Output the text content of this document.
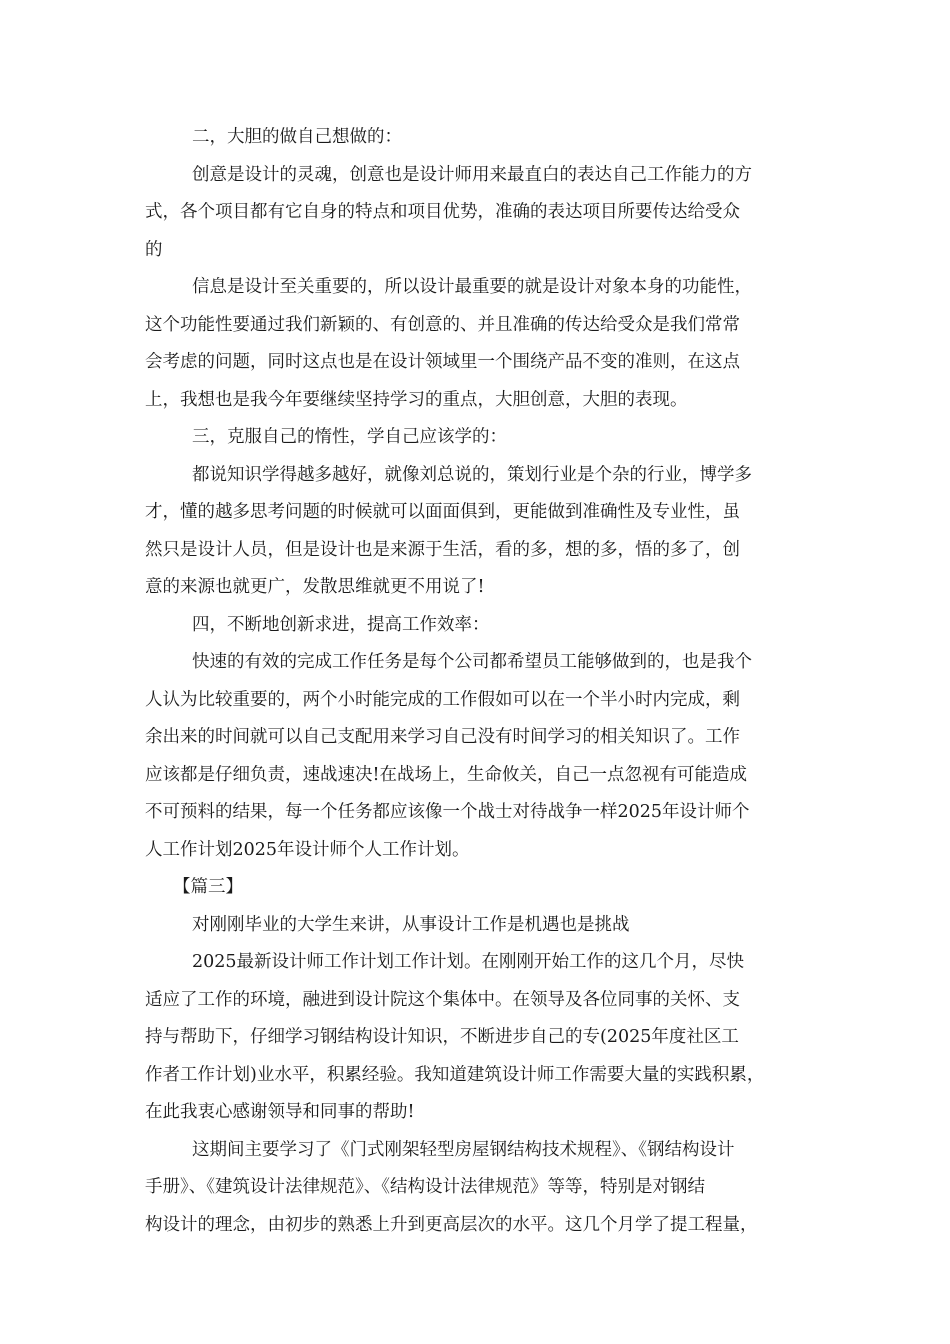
二，大胆的做自己想做的：
创意是设计的灵魂，创意也是设计师用来最直白的表达自己工作能力的方
式，各个项目都有它自身的特点和项目优势，准确的表达项目所要传达给受众
的
信息是设计至关重要的，所以设计最重要的就是设计对象本身的功能性，
这个功能性要通过我们新颖的、有创意的、并且准确的传达给受众是我们常常
会考虑的问题，同时这点也是在设计领域里一个围绕产品不变的准则，在这点
上，我想也是我今年要继续坚持学习的重点，大胆创意，大胆的表现。
三，克服自己的惰性，学自己应该学的：
都说知识学得越多越好，就像刘总说的，策划行业是个杂的行业，博学多
才，懂的越多思考问题的时候就可以面面俱到，更能做到准确性及专业性，虽
然只是设计人员，但是设计也是来源于生活，看的多，想的多，悟的多了，创
意的来源也就更广，发散思维就更不用说了!
四，不断地创新求进，提高工作效率：
快速的有效的完成工作任务是每个公司都希望员工能够做到的，也是我个
人认为比较重要的，两个小时能完成的工作假如可以在一个半小时内完成，剩
余出来的时间就可以自己支配用来学习自己没有时间学习的相关知识了。工作
应该都是仔细负责，速战速决!在战场上，生命攸关，自己一点忽视有可能造成
不可预料的结果，每一个任务都应该像一个战士对待战争一样2025年设计师个
人工作计划2025年设计师个人工作计划。
【篇三】
对刚刚毕业的大学生来讲，从事设计工作是机遇也是挑战
2025最新设计师工作计划工作计划。在刚刚开始工作的这几个月，尽快
适应了工作的环境，融进到设计院这个集体中。在领导及各位同事的关怀、支
持与帮助下，仔细学习钢结构设计知识，不断进步自己的专(2025年度社区工
作者工作计划)业水平，积累经验。我知道建筑设计师工作需要大量的实践积累，
在此我衷心感谢领导和同事的帮助!
这期间主要学习了《门式刚架轻型房屋钢结构技术规程》、《钢结构设计
手册》、《建筑设计法律规范》、《结构设计法律规范》等等，特别是对钢结
构设计的理念，由初步的熟悉上升到更高层次的水平。这几个月学了提工程量，
